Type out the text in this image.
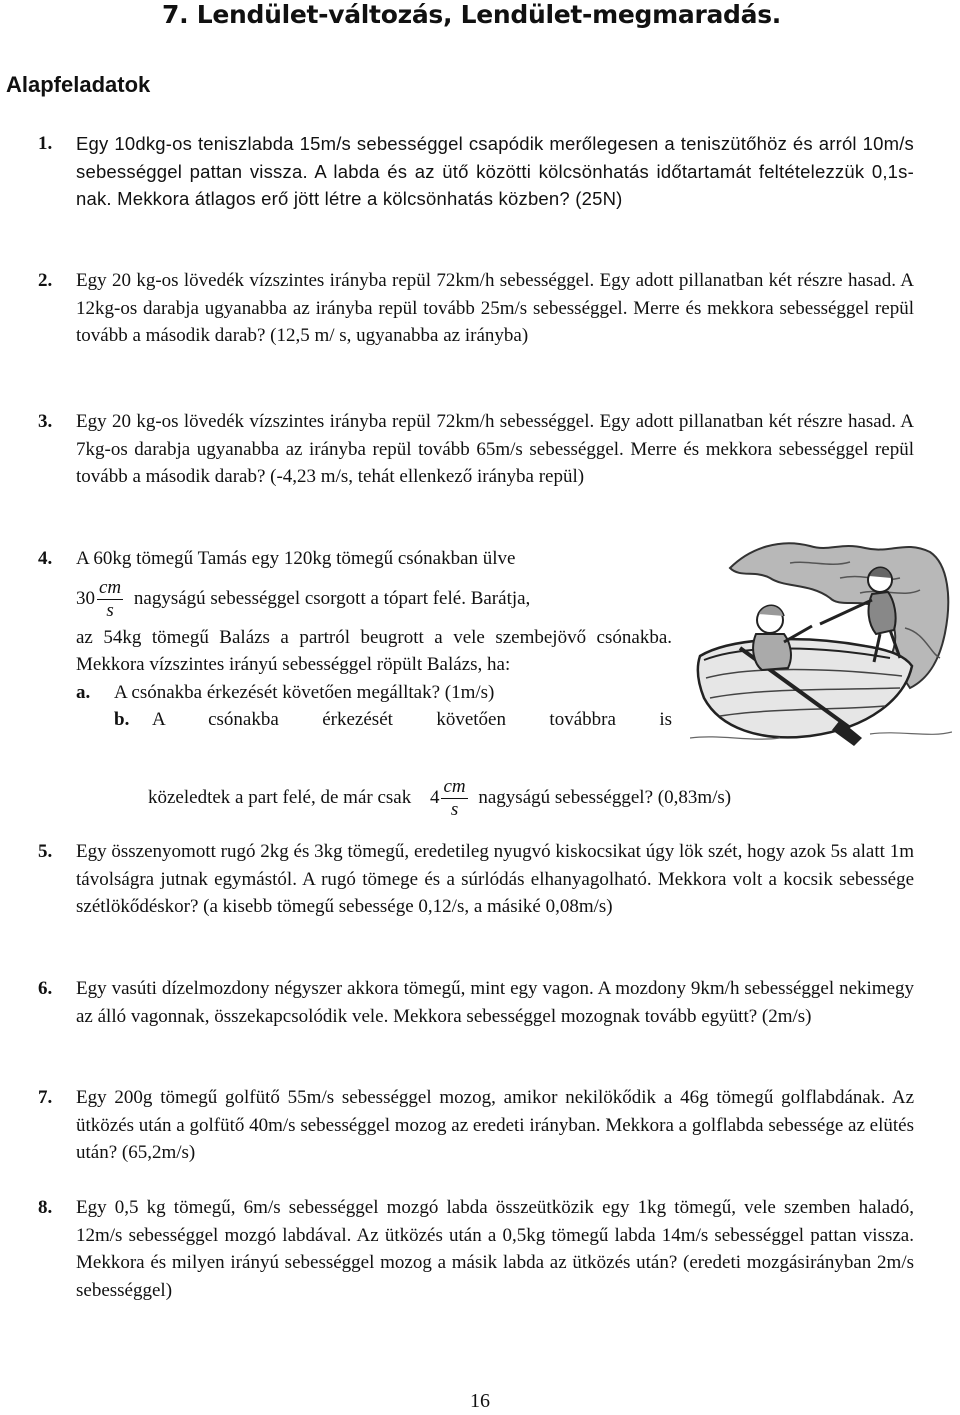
7. Lendület-változás, Lendület-megmaradás.
Alapfeladatok
1. Egy 10dkg-os teniszlabda 15m/s sebességgel csapódik merőlegesen a teniszütőhöz és arról 10m/s sebességgel pattan vissza. A labda és az ütő közötti kölcsönhatás időtartamát feltételezzük 0,1s-nak. Mekkora átlagos erő jött létre a kölcsönhatás közben? (25N)
2. Egy 20 kg-os lövedék vízszintes irányba repül 72km/h sebességgel. Egy adott pillanatban két részre hasad. A 12kg-os darabja ugyanabba az irányba repül tovább 25m/s sebességgel. Merre és mekkora sebességgel repül tovább a második darab? (12,5 m/ s, ugyanabba az irányba)
3. Egy 20 kg-os lövedék vízszintes irányba repül 72km/h sebességgel. Egy adott pillanatban két részre hasad. A 7kg-os darabja ugyanabba az irányba repül tovább 65m/s sebességgel. Merre és mekkora sebességgel repül tovább a második darab? (-4,23 m/s, tehát ellenkező irányba repül)
4. A 60kg tömegű Tamás egy 120kg tömegű csónakban ülve
$30 \frac{cm}{s}$ nagyságú sebességgel csorgott a tópart felé. Barátja,
az 54kg tömegű Balázs a partról beugrott a vele szembejövő csónakba. Mekkora vízszintes irányú sebességgel röpült Balázs, ha:
a. A csónakba érkezését követően megálltak? (1m/s)
b.	A csónakba érkezését követően továbbra is
közeledtek a part felé, de már csak $4 \frac{cm}{s}$ nagyságú sebességgel? (0,83m/s)
5. Egy összenyomott rugó 2kg és 3kg tömegű, eredetileg nyugvó kiskocsikat úgy lök szét, hogy azok 5s alatt 1m távolságra jutnak egymástól. A rugó tömege és a súrlódás elhanyagolható. Mekkora volt a kocsik sebessége szétlökődéskor? (a kisebb tömegű sebessége 0,12/s, a másiké 0,08m/s)
6. Egy vasúti dízelmozdony négyszer akkora tömegű, mint egy vagon. A mozdony 9km/h sebességgel nekimegy az álló vagonnak, összekapcsolódik vele. Mekkora sebességgel mozognak tovább együtt? (2m/s)
7. Egy 200g tömegű golfütő 55m/s sebességgel mozog, amikor nekilökődik a 46g tömegű golflabdának. Az ütközés után a golfütő 40m/s sebességgel mozog az eredeti irányban. Mekkora a golflabda sebessége az elütés után? (65,2m/s)
8. Egy 0,5 kg tömegű, 6m/s sebességgel mozgó labda összeütközik egy 1kg tömegű, vele szemben haladó, 12m/s sebességgel mozgó labdával. Az ütközés után a 0,5kg tömegű labda 14m/s sebességgel pattan vissza. Mekkora és milyen irányú sebességgel mozog a másik labda az ütközés után? (eredeti mozgásirányban 2m/s sebességgel)
16
